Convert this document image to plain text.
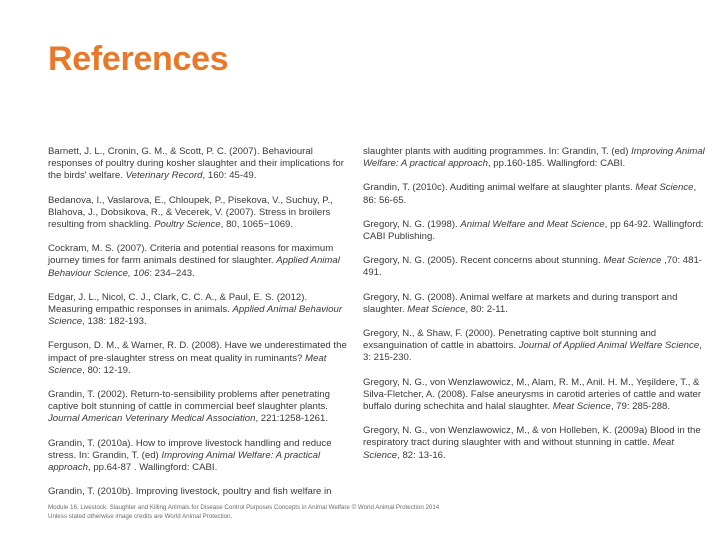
References

Barnett, J. L., Cronin, G. M., & Scott, P. C. (2007). Behavioural responses of poultry during kosher slaughter and their implications for the birds' welfare. Veterinary Record, 160: 45-49.

Bedanova, I., Vaslarova, E., Chloupek, P., Pisekova, V., Suchuy, P., Blahova, J., Dobsikova, R., & Vecerek, V. (2007). Stress in broilers resulting from shackling. Poultry Science, 80, 1065−1069.

Cockram, M. S. (2007). Criteria and potential reasons for maximum journey times for farm animals destined for slaughter. Applied Animal Behaviour Science, 106: 234–243.

Edgar, J. L., Nicol, C. J., Clark, C. C. A., & Paul, E. S. (2012). Measuring empathic responses in animals. Applied Animal Behaviour Science, 138: 182-193.

Ferguson, D. M., & Warner, R. D. (2008). Have we underestimated the impact of pre-slaughter stress on meat quality in ruminants? Meat Science, 80: 12-19.

Grandin, T. (2002). Return-to-sensibility problems after penetrating captive bolt stunning of cattle in commercial beef slaughter plants. Journal American Veterinary Medical Association, 221:1258-1261.

Grandin, T. (2010a). How to improve livestock handling and reduce stress. In: Grandin, T. (ed) Improving Animal Welfare: A practical approach, pp.64-87 . Wallingford: CABI.

Grandin, T. (2010b). Improving livestock, poultry and fish welfare in

slaughter plants with auditing programmes. In: Grandin, T. (ed) Improving Animal Welfare: A practical approach, pp.160-185. Wallingford: CABI.

Grandin, T. (2010c). Auditing animal welfare at slaughter plants. Meat Science, 86: 56-65.

Gregory, N. G. (1998). Animal Welfare and Meat Science, pp 64-92. Wallingford: CABI Publishing.

Gregory, N. G. (2005). Recent concerns about stunning. Meat Science ,70: 481-491.

Gregory, N. G. (2008). Animal welfare at markets and during transport and slaughter. Meat Science, 80: 2-11.

Gregory, N., & Shaw, F. (2000). Penetrating captive bolt stunning and exsanguination of cattle in abattoirs. Journal of Applied Animal Welfare Science, 3: 215-230.

Gregory, N. G., von Wenzlawowicz, M., Alam, R. M., Anil. H. M., Yeşildere, T., & Silva-Fletcher, A. (2008). False aneurysms in carotid arteries of cattle and water buffalo during schechita and halal slaughter. Meat Science, 79: 285-288.

Gregory, N. G., von Wenzlawowicz, M., & von Holleben, K. (2009a) Blood in the respiratory tract during slaughter with and without stunning in cattle. Meat Science, 82: 13-16.

Module 16. Livestock: Slaughter and Killing Animals for Disease Control Purposes Concepts in Animal Welfare © World Animal Protection 2014
Unless stated otherwise image credits are World Animal Protection.
